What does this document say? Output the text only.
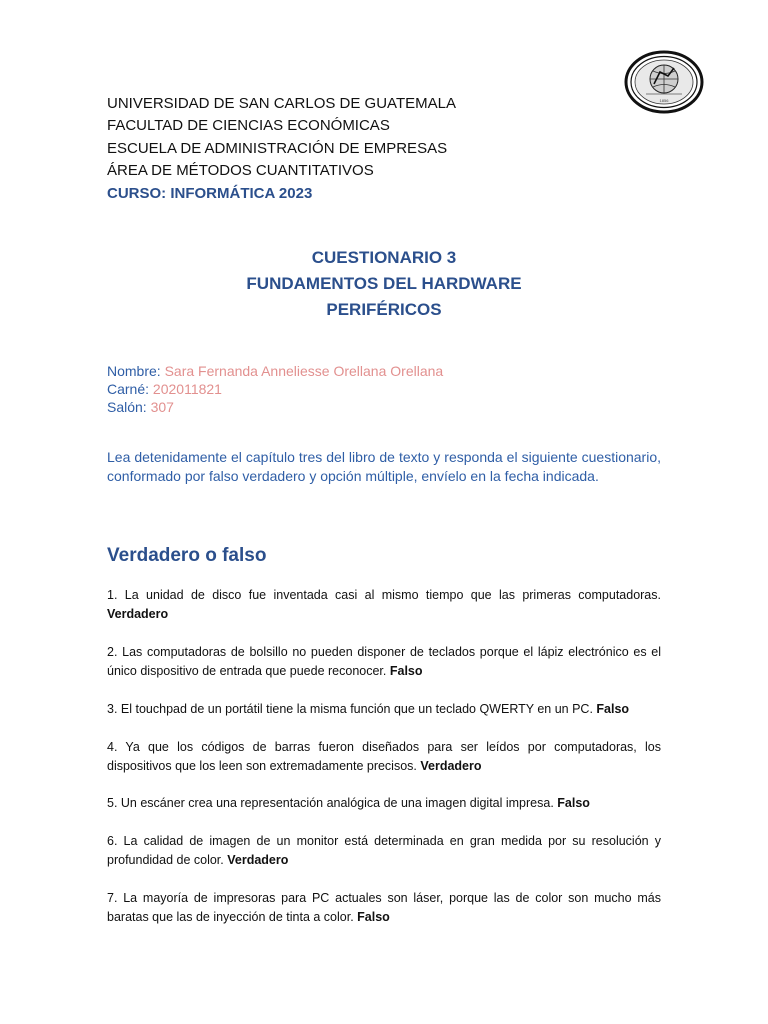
1856
UNIVERSIDAD DE SAN CARLOS DE GUATEMALA
FACULTAD DE CIENCIAS ECONÓMICAS
ESCUELA DE ADMINISTRACIÓN DE EMPRESAS
ÁREA DE MÉTODOS CUANTITATIVOS
CURSO: INFORMÁTICA 2023
CUESTIONARIO 3
FUNDAMENTOS DEL HARDWARE
PERIFÉRICOS
Nombre: Sara Fernanda Anneliesse Orellana Orellana
Carné: 202011821
Salón: 307
Lea detenidamente el capítulo tres del libro de texto y responda el siguiente cuestionario, conformado por falso verdadero y opción múltiple, envíelo en la fecha indicada.
Verdadero o falso
1. La unidad de disco fue inventada casi al mismo tiempo que las primeras computadoras. Verdadero
2. Las computadoras de bolsillo no pueden disponer de teclados porque el lápiz electrónico es el único dispositivo de entrada que puede reconocer. Falso
3. El touchpad de un portátil tiene la misma función que un teclado QWERTY en un PC. Falso
4. Ya que los códigos de barras fueron diseñados para ser leídos por computadoras, los dispositivos que los leen son extremadamente precisos. Verdadero
5. Un escáner crea una representación analógica de una imagen digital impresa. Falso
6. La calidad de imagen de un monitor está determinada en gran medida por su resolución y profundidad de color. Verdadero
7. La mayoría de impresoras para PC actuales son láser, porque las de color son mucho más baratas que las de inyección de tinta a color. Falso
